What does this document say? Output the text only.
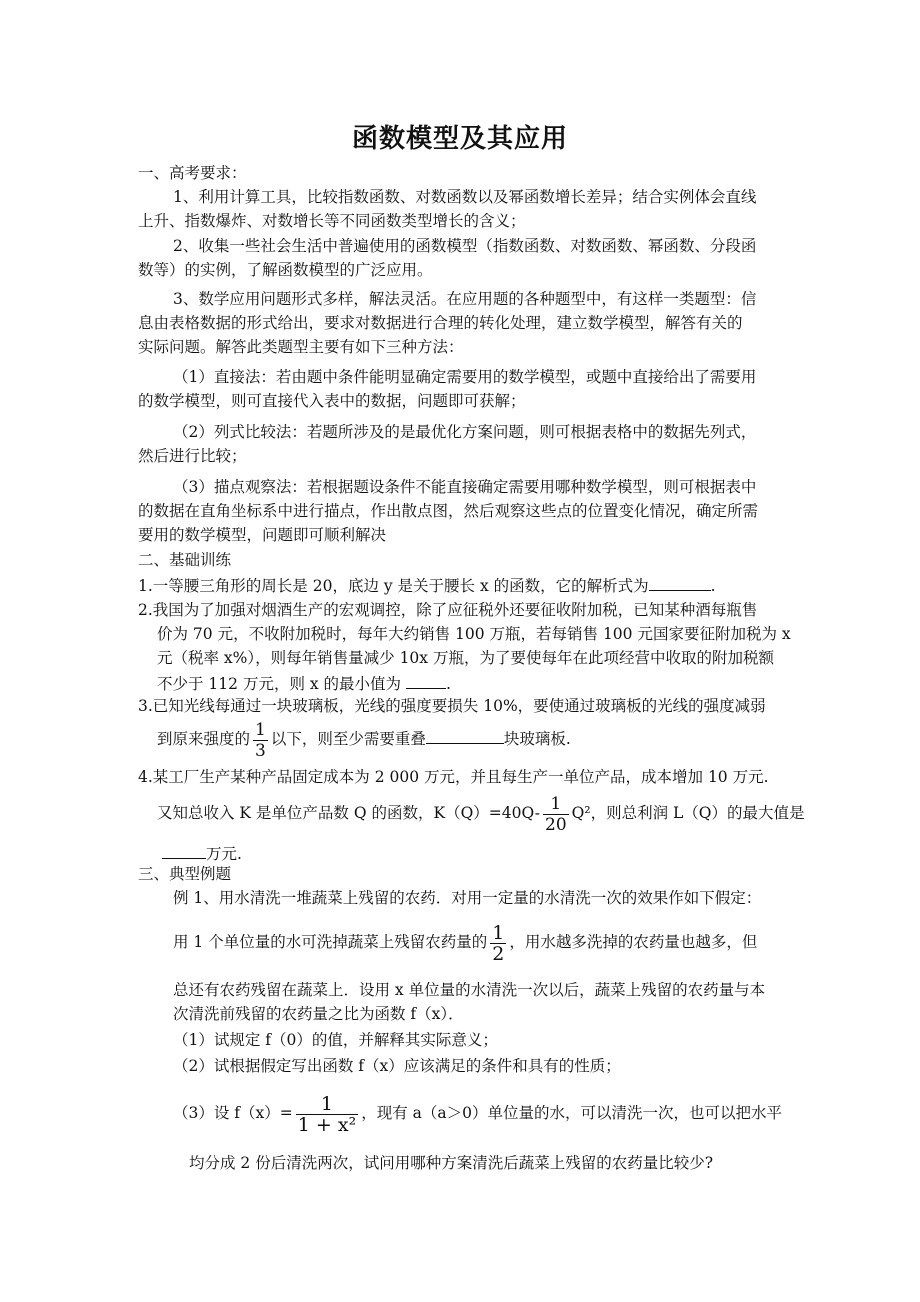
函数模型及其应用
一、高考要求：
1、利用计算工具，比较指数函数、对数函数以及幂函数增长差异；结合实例体会直线
上升、指数爆炸、对数增长等不同函数类型增长的含义；
2、收集一些社会生活中普遍使用的函数模型（指数函数、对数函数、幂函数、分段函
数等）的实例，了解函数模型的广泛应用。
3、数学应用问题形式多样，解法灵活。在应用题的各种题型中，有这样一类题型：信
息由表格数据的形式给出，要求对数据进行合理的转化处理，建立数学模型，解答有关的
实际问题。解答此类题型主要有如下三种方法：
（1）直接法：若由题中条件能明显确定需要用的数学模型，或题中直接给出了需要用
的数学模型，则可直接代入表中的数据，问题即可获解；
（2）列式比较法：若题所涉及的是最优化方案问题，则可根据表格中的数据先列式，
然后进行比较；
（3）描点观察法：若根据题设条件不能直接确定需要用哪种数学模型，则可根据表中
的数据在直角坐标系中进行描点，作出散点图，然后观察这些点的位置变化情况，确定所需
要用的数学模型，问题即可顺利解决
二、基础训练
1.一等腰三角形的周长是 20，底边 y 是关于腰长 x 的函数，它的解析式为	.
2.我国为了加强对烟酒生产的宏观调控，除了应征税外还要征收附加税，已知某种酒每瓶售
价为 70 元，不收附加税时，每年大约销售 100 万瓶，若每销售 100 元国家要征附加税为 x
元（税率 x%），则每年销售量减少 10x 万瓶，为了要使每年在此项经营中收取的附加税额
不少于 112 万元，则 x 的最小值为	.
3.已知光线每通过一块玻璃板，光线的强度要损失 10%，要使通过玻璃板的光线的强度减弱
到原来强度的 $\frac{1}{3}$ 以下，则至少需要重叠	块玻璃板.
4.某工厂生产某种产品固定成本为 2 000 万元，并且每生产一单位产品，成本增加 10 万元.
又知总收入 K 是单位产品数 Q 的函数，$K(Q)=40Q- \frac{1}{20} Q^2$，则总利润 L（Q）的最大值是
万元.
三、典型例题
例 1、用水清洗一堆蔬菜上残留的农药．对用一定量的水清洗一次的效果作如下假定：
用 1 个单位量的水可洗掉蔬菜上残留农药量的 $\frac{1}{2}$ ，用水越多洗掉的农药量也越多，但
总还有农药残留在蔬菜上．设用 x 单位量的水清洗一次以后，蔬菜上残留的农药量与本
次清洗前残留的农药量之比为函数 f（x）．
（1）试规定 f（0）的值，并解释其实际意义；
（2）试根据假定写出函数 f（x）应该满足的条件和具有的性质；
（3）设 $f(x)= \frac{1}{\text{1 + x²}}$ ，现有 a（a＞0）单位量的水，可以清洗一次，也可以把水平
均分成 2 份后清洗两次，试问用哪种方案清洗后蔬菜上残留的农药量比较少?
